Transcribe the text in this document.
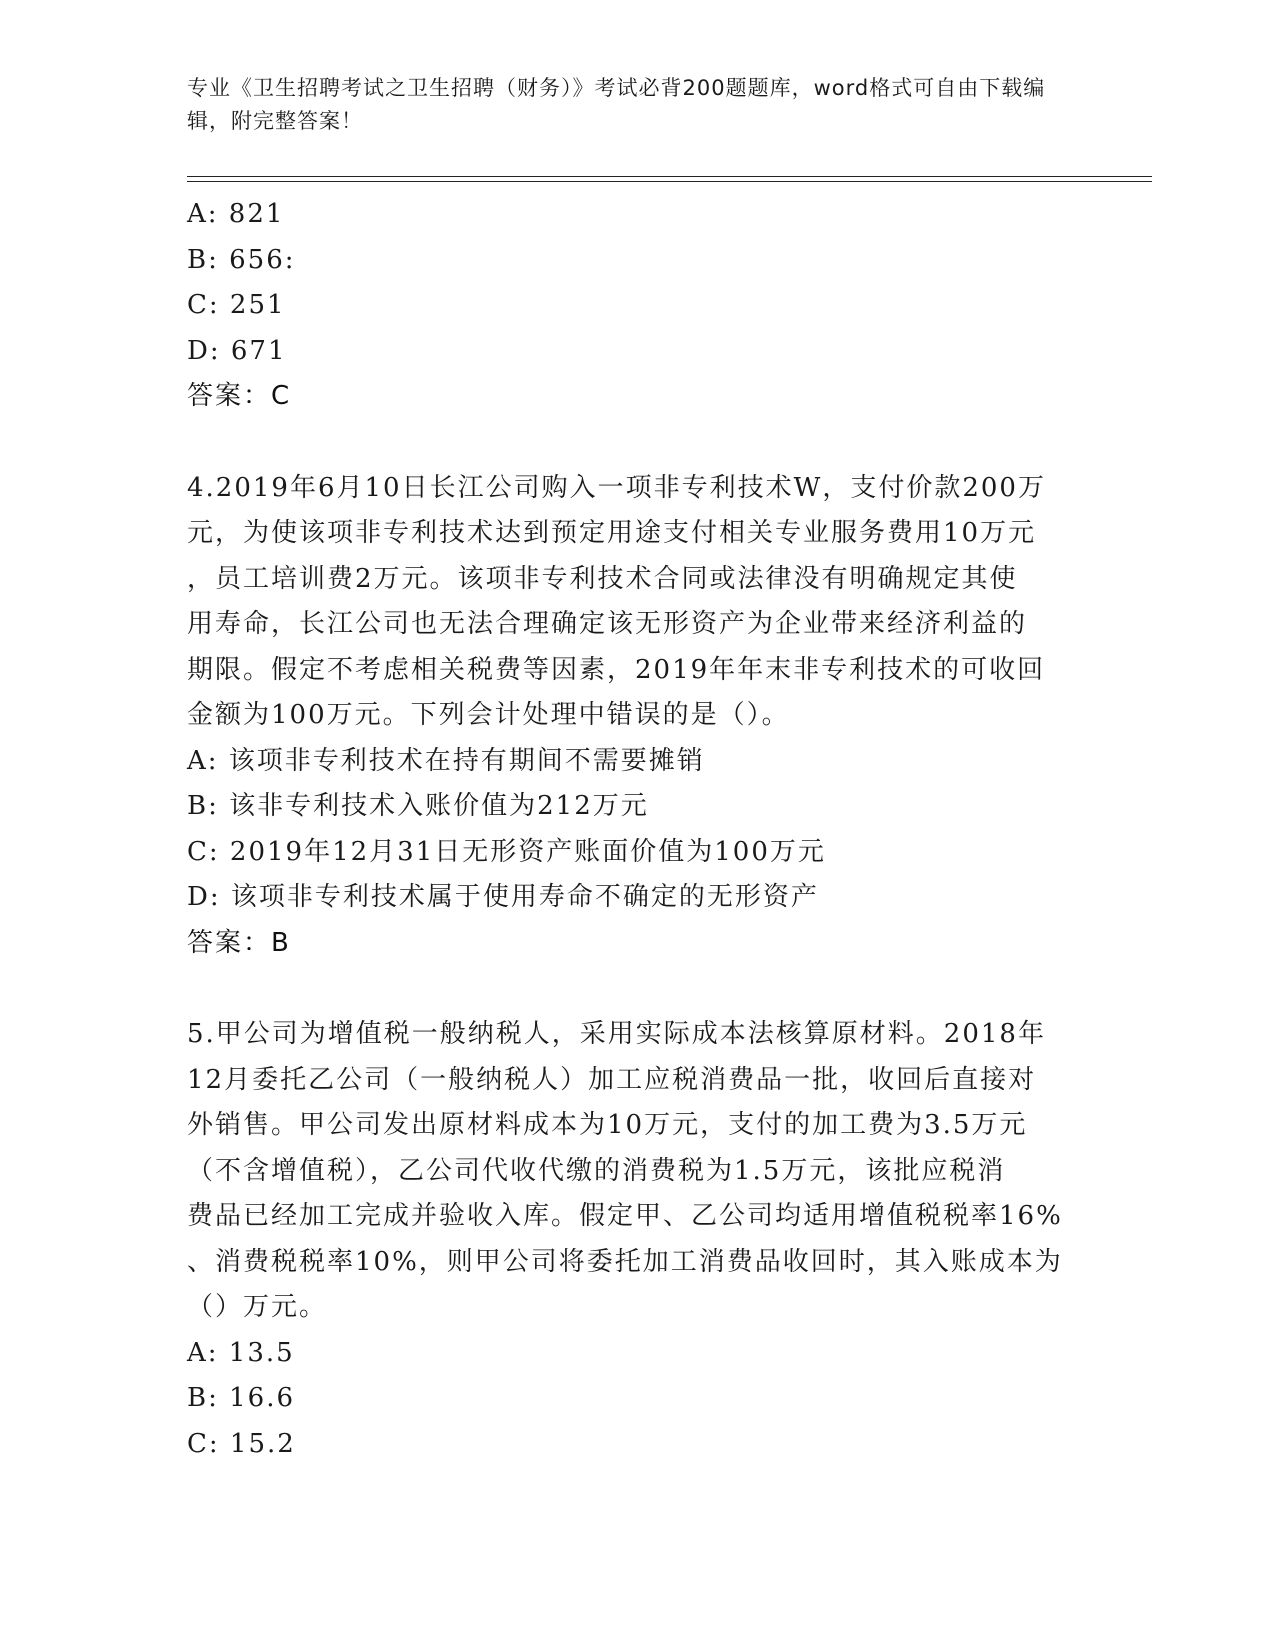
专业《卫生招聘考试之卫生招聘（财务）》考试必背200题题库，word格式可自由下载编辑，附完整答案！
A: 821
B: 656:
C: 251
D: 671
答案：C
4.2019年6月10日长江公司购入一项非专利技术W，支付价款200万
元，为使该项非专利技术达到预定用途支付相关专业服务费用10万元
，员工培训费2万元。该项非专利技术合同或法律没有明确规定其使
用寿命，长江公司也无法合理确定该无形资产为企业带来经济利益的
期限。假定不考虑相关税费等因素，2019年年末非专利技术的可收回
金额为100万元。下列会计处理中错误的是（）。
A: 该项非专利技术在持有期间不需要摊销
B: 该非专利技术入账价值为212万元
C: 2019年12月31日无形资产账面价值为100万元
D: 该项非专利技术属于使用寿命不确定的无形资产
答案：B
5.甲公司为增值税一般纳税人，采用实际成本法核算原材料。2018年
12月委托乙公司（一般纳税人）加工应税消费品一批，收回后直接对
外销售。甲公司发出原材料成本为10万元，支付的加工费为3.5万元
（不含增值税），乙公司代收代缴的消费税为1.5万元，该批应税消
费品已经加工完成并验收入库。假定甲、乙公司均适用增值税税率16%
、消费税税率10%，则甲公司将委托加工消费品收回时，其入账成本为
（）万元。
A: 13.5
B: 16.6
C: 15.2
